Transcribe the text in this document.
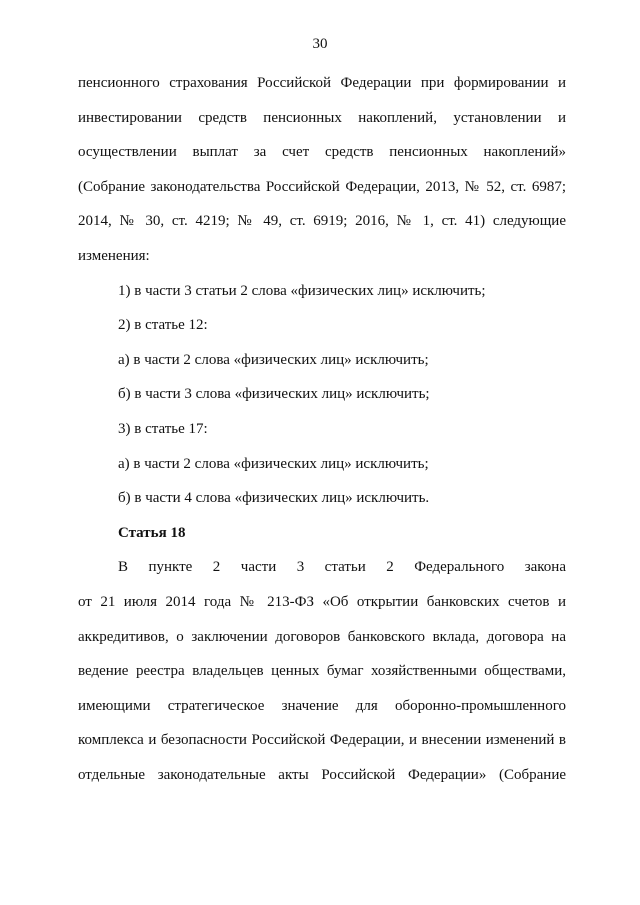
30
пенсионного страхования Российской Федерации при формировании и
инвестировании средств пенсионных накоплений, установлении и
осуществлении выплат за счет средств пенсионных накоплений»
(Собрание законодательства Российской Федерации, 2013, № 52, ст. 6987;
2014, № 30, ст. 4219; № 49, ст. 6919; 2016, № 1, ст. 41) следующие
изменения:
1) в части 3 статьи 2 слова «физических лиц» исключить;
2) в статье 12:
а) в части 2 слова «физических лиц» исключить;
б) в части 3 слова «физических лиц» исключить;
3) в статье 17:
а) в части 2 слова «физических лиц» исключить;
б) в части 4 слова «физических лиц» исключить.
Статья 18
В пункте 2 части 3 статьи 2 Федерального закона
от 21 июля 2014 года № 213-ФЗ «Об открытии банковских счетов и
аккредитивов, о заключении договоров банковского вклада, договора на
ведение реестра владельцев ценных бумаг хозяйственными обществами,
имеющими стратегическое значение для оборонно-промышленного
комплекса и безопасности Российской Федерации, и внесении изменений в
отдельные законодательные акты Российской Федерации» (Собрание
